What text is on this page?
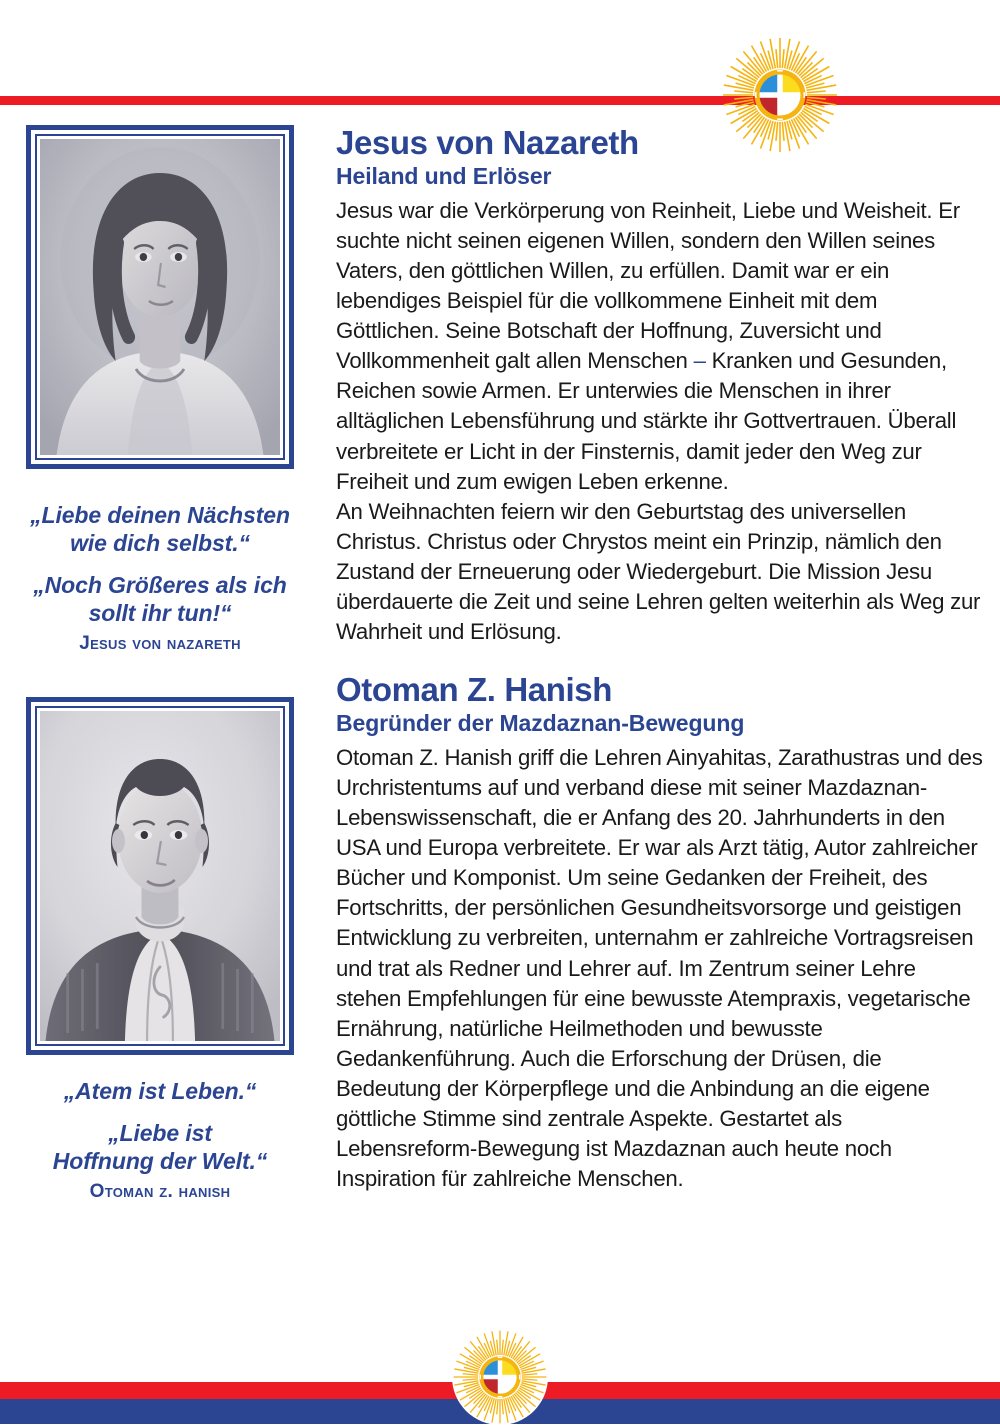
„Liebe deinen Nächsten
wie dich selbst.“
„Noch Größeres als ich
sollt ihr tun!“
Jesus von nazareth
„Atem ist Leben.“
„Liebe ist
Hoffnung der Welt.“
Otoman z. hanish
Jesus von Nazareth
Heiland und Erlöser
Jesus war die Verkörperung von Reinheit, Liebe und Weisheit. Er suchte nicht seinen eigenen Willen, sondern den Willen seines Vaters, den göttlichen Willen, zu erfüllen. Damit war er ein lebendiges Beispiel für die vollkommene Einheit mit dem Göttlichen. Seine Botschaft der Hoffnung, Zuversicht und Vollkommenheit galt allen Menschen – Kranken und Gesunden, Reichen sowie Armen. Er unterwies die Menschen in ihrer alltäglichen Lebensführung und stärkte ihr Gottvertrauen. Überall verbreitete er Licht in der Finsternis, damit jeder den Weg zur Freiheit und zum ewigen Leben erkenne.
An Weihnachten feiern wir den Geburtstag des universellen Christus. Christus oder Chrystos meint ein Prinzip, nämlich den Zustand der Erneuerung oder Wiedergeburt. Die Mission Jesu überdauerte die Zeit und seine Lehren gelten weiterhin als Weg zur Wahrheit und Erlösung.
Otoman Z. Hanish
Begründer der Mazdaznan-Bewegung
Otoman Z. Hanish griff die Lehren Ainyahitas, Zarathustras und des Urchristentums auf und verband diese mit seiner Mazdaznan-Lebenswissenschaft, die er Anfang des 20. Jahrhunderts in den USA und Europa verbreitete. Er war als Arzt tätig, Autor zahlreicher Bücher und Komponist. Um seine Gedanken der Freiheit, des Fortschritts, der persönlichen Gesundheitsvorsorge und geistigen Entwicklung zu verbreiten, unternahm er zahlreiche Vortragsreisen und trat als Redner und Lehrer auf. Im Zentrum seiner Lehre stehen Empfehlungen für eine bewusste Atempraxis, vegetarische Ernährung, natürliche Heilmethoden und bewusste Gedankenführung. Auch die Erforschung der Drüsen, die Bedeutung der Körperpflege und die Anbindung an die eigene göttliche Stimme sind zentrale Aspekte. Gestartet als Lebensreform-Bewegung ist Mazdaznan auch heute noch Inspiration für zahlreiche Menschen.
